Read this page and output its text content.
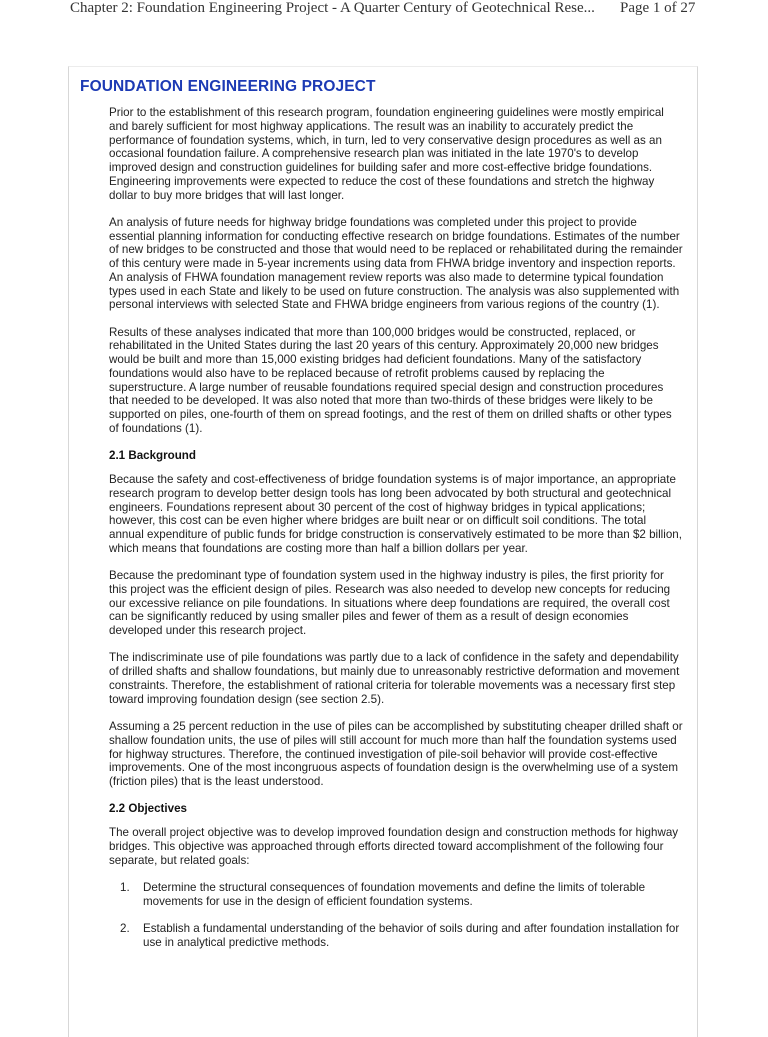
Chapter 2: Foundation Engineering Project - A Quarter Century of Geotechnical Rese...	Page 1 of 27
FOUNDATION ENGINEERING PROJECT

Prior to the establishment of this research program, foundation engineering guidelines were mostly empirical and barely sufficient for most highway applications. The result was an inability to accurately predict the performance of foundation systems, which, in turn, led to very conservative design procedures as well as an occasional foundation failure. A comprehensive research plan was initiated in the late 1970's to develop improved design and construction guidelines for building safer and more cost-effective bridge foundations. Engineering improvements were expected to reduce the cost of these foundations and stretch the highway dollar to buy more bridges that will last longer.

An analysis of future needs for highway bridge foundations was completed under this project to provide essential planning information for conducting effective research on bridge foundations. Estimates of the number of new bridges to be constructed and those that would need to be replaced or rehabilitated during the remainder of this century were made in 5-year increments using data from FHWA bridge inventory and inspection reports. An analysis of FHWA foundation management review reports was also made to determine typical foundation types used in each State and likely to be used on future construction. The analysis was also supplemented with personal interviews with selected State and FHWA bridge engineers from various regions of the country (1).

Results of these analyses indicated that more than 100,000 bridges would be constructed, replaced, or rehabilitated in the United States during the last 20 years of this century. Approximately 20,000 new bridges would be built and more than 15,000 existing bridges had deficient foundations. Many of the satisfactory foundations would also have to be replaced because of retrofit problems caused by replacing the superstructure. A large number of reusable foundations required special design and construction procedures that needed to be developed. It was also noted that more than two-thirds of these bridges were likely to be supported on piles, one-fourth of them on spread footings, and the rest of them on drilled shafts or other types of foundations (1).

2.1 Background

Because the safety and cost-effectiveness of bridge foundation systems is of major importance, an appropriate research program to develop better design tools has long been advocated by both structural and geotechnical engineers. Foundations represent about 30 percent of the cost of highway bridges in typical applications; however, this cost can be even higher where bridges are built near or on difficult soil conditions. The total annual expenditure of public funds for bridge construction is conservatively estimated to be more than $2 billion, which means that foundations are costing more than half a billion dollars per year.

Because the predominant type of foundation system used in the highway industry is piles, the first priority for this project was the efficient design of piles. Research was also needed to develop new concepts for reducing our excessive reliance on pile foundations. In situations where deep foundations are required, the overall cost can be significantly reduced by using smaller piles and fewer of them as a result of design economies developed under this research project.

The indiscriminate use of pile foundations was partly due to a lack of confidence in the safety and dependability of drilled shafts and shallow foundations, but mainly due to unreasonably restrictive deformation and movement constraints. Therefore, the establishment of rational criteria for tolerable movements was a necessary first step toward improving foundation design (see section 2.5).

Assuming a 25 percent reduction in the use of piles can be accomplished by substituting cheaper drilled shaft or shallow foundation units, the use of piles will still account for much more than half the foundation systems used for highway structures. Therefore, the continued investigation of pile-soil behavior will provide cost-effective improvements. One of the most incongruous aspects of foundation design is the overwhelming use of a system (friction piles) that is the least understood.

2.2 Objectives

The overall project objective was to develop improved foundation design and construction methods for highway bridges. This objective was approached through efforts directed toward accomplishment of the following four separate, but related goals:

1. Determine the structural consequences of foundation movements and define the limits of tolerable movements for use in the design of efficient foundation systems.
2. Establish a fundamental understanding of the behavior of soils during and after foundation installation for use in analytical predictive methods.
